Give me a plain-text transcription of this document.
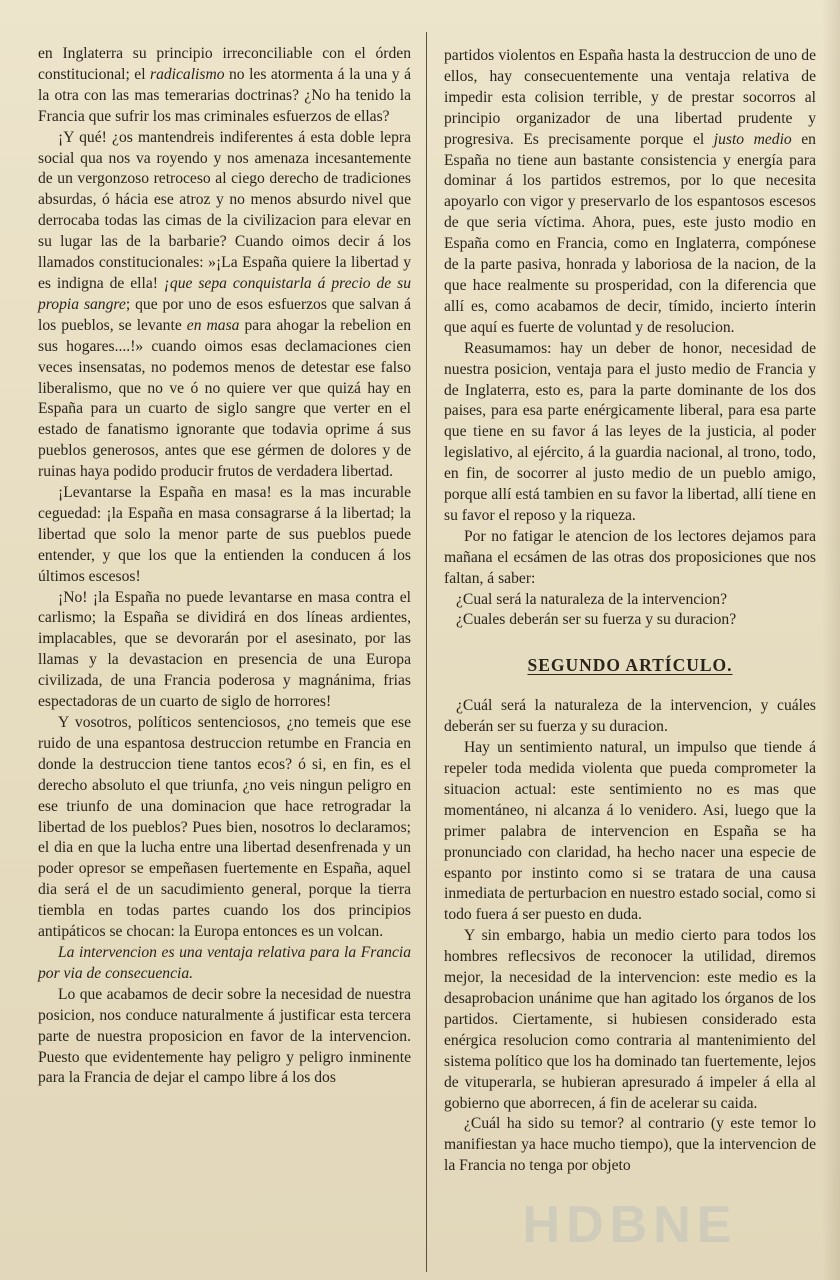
en Inglaterra su principio irreconciliable con el órden constitucional; el radicalismo no les atormenta á la una y á la otra con las mas temerarias doctrinas? ¿No ha tenido la Francia que sufrir los mas criminales esfuerzos de ellas?

¡Y qué! ¿os mantendreis indiferentes á esta doble lepra social qua nos va royendo y nos amenaza incesantemente de un vergonzoso retroceso al ciego derecho de tradiciones absurdas, ó hácia ese atroz y no menos absurdo nivel que derrocaba todas las cimas de la civilizacion para elevar en su lugar las de la barbarie? Cuando oimos decir á los llamados constitucionales: »¡La España quiere la libertad y es indigna de ella! ¡que sepa conquistarla á precio de su propia sangre; que por uno de esos esfuerzos que salvan á los pueblos, se levante en masa para ahogar la rebelion en sus hogares....!» cuando oimos esas declamaciones cien veces insensatas, no podemos menos de detestar ese falso liberalismo, que no ve ó no quiere ver que quizá hay en España para un cuarto de siglo sangre que verter en el estado de fanatismo ignorante que todavia oprime á sus pueblos generosos, antes que ese gérmen de dolores y de ruinas haya podido producir frutos de verdadera libertad.

¡Levantarse la España en masa! es la mas incurable ceguedad: ¡la España en masa consagrarse á la libertad; la libertad que solo la menor parte de sus pueblos puede entender, y que los que la entienden la conducen á los últimos escesos!

¡No! ¡la España no puede levantarse en masa contra el carlismo; la España se dividirá en dos líneas ardientes, implacables, que se devorarán por el asesinato, por las llamas y la devastacion en presencia de una Europa civilizada, de una Francia poderosa y magnánima, frias espectadoras de un cuarto de siglo de horrores!

Y vosotros, políticos sentenciosos, ¿no temeis que ese ruido de una espantosa destruccion retumbe en Francia en donde la destruccion tiene tantos ecos? ó si, en fin, es el derecho absoluto el que triunfa, ¿no veis ningun peligro en ese triunfo de una dominacion que hace retrogradar la libertad de los pueblos? Pues bien, nosotros lo declaramos; el dia en que la lucha entre una libertad desenfrenada y un poder opresor se empeñasen fuertemente en España, aquel dia será el de un sacudimiento general, porque la tierra tiembla en todas partes cuando los dos principios antipáticos se chocan: la Europa entonces es un volcan.

La intervencion es una ventaja relativa para la Francia por via de consecuencia.

Lo que acabamos de decir sobre la necesidad de nuestra posicion, nos conduce naturalmente á justificar esta tercera parte de nuestra proposicion en favor de la intervencion. Puesto que evidentemente hay peligro y peligro inminente para la Francia de dejar el campo libre á los dos

partidos violentos en España hasta la destruccion de uno de ellos, hay consecuentemente una ventaja relativa de impedir esta colision terrible, y de prestar socorros al principio organizador de una libertad prudente y progresiva. Es precisamente porque el justo medio en España no tiene aun bastante consistencia y energía para dominar á los partidos estremos, por lo que necesita apoyarlo con vigor y preservarlo de los espantosos escesos de que seria víctima. Ahora, pues, este justo modio en España como en Francia, como en Inglaterra, compónese de la parte pasiva, honrada y laboriosa de la nacion, de la que hace realmente su prosperidad, con la diferencia que allí es, como acabamos de decir, tímido, incierto ínterin que aquí es fuerte de voluntad y de resolucion.

Reasumamos: hay un deber de honor, necesidad de nuestra posicion, ventaja para el justo medio de Francia y de Inglaterra, esto es, para la parte dominante de los dos paises, para esa parte enérgicamente liberal, para esa parte que tiene en su favor á las leyes de la justicia, al poder legislativo, al ejército, á la guardia nacional, al trono, todo, en fin, de socorrer al justo medio de un pueblo amigo, porque allí está tambien en su favor la libertad, allí tiene en su favor el reposo y la riqueza.

Por no fatigar le atencion de los lectores dejamos para mañana el ecsámen de las otras dos proposiciones que nos faltan, á saber:

¿Cual será la naturaleza de la intervencion?

¿Cuales deberán ser su fuerza y su duracion?

SEGUNDO ARTÍCULO.

¿Cuál será la naturaleza de la intervencion, y cuáles deberán ser su fuerza y su duracion.

Hay un sentimiento natural, un impulso que tiende á repeler toda medida violenta que pueda comprometer la situacion actual: este sentimiento no es mas que momentáneo, ni alcanza á lo venidero. Asi, luego que la primer palabra de intervencion en España se ha pronunciado con claridad, ha hecho nacer una especie de espanto por instinto como si se tratara de una causa inmediata de perturbacion en nuestro estado social, como si todo fuera á ser puesto en duda.

Y sin embargo, habia un medio cierto para todos los hombres reflecsivos de reconocer la utilidad, diremos mejor, la necesidad de la intervencion: este medio es la desaprobacion unánime que han agitado los órganos de los partidos. Ciertamente, si hubiesen considerado esta enérgica resolucion como contraria al mantenimiento del sistema político que los ha dominado tan fuertemente, lejos de vituperarla, se hubieran apresurado á impeler á ella al gobierno que aborrecen, á fin de acelerar su caida.

¿Cuál ha sido su temor? al contrario (y este temor lo manifiestan ya hace mucho tiempo), que la intervencion de la Francia no tenga por objeto

HDBNE
